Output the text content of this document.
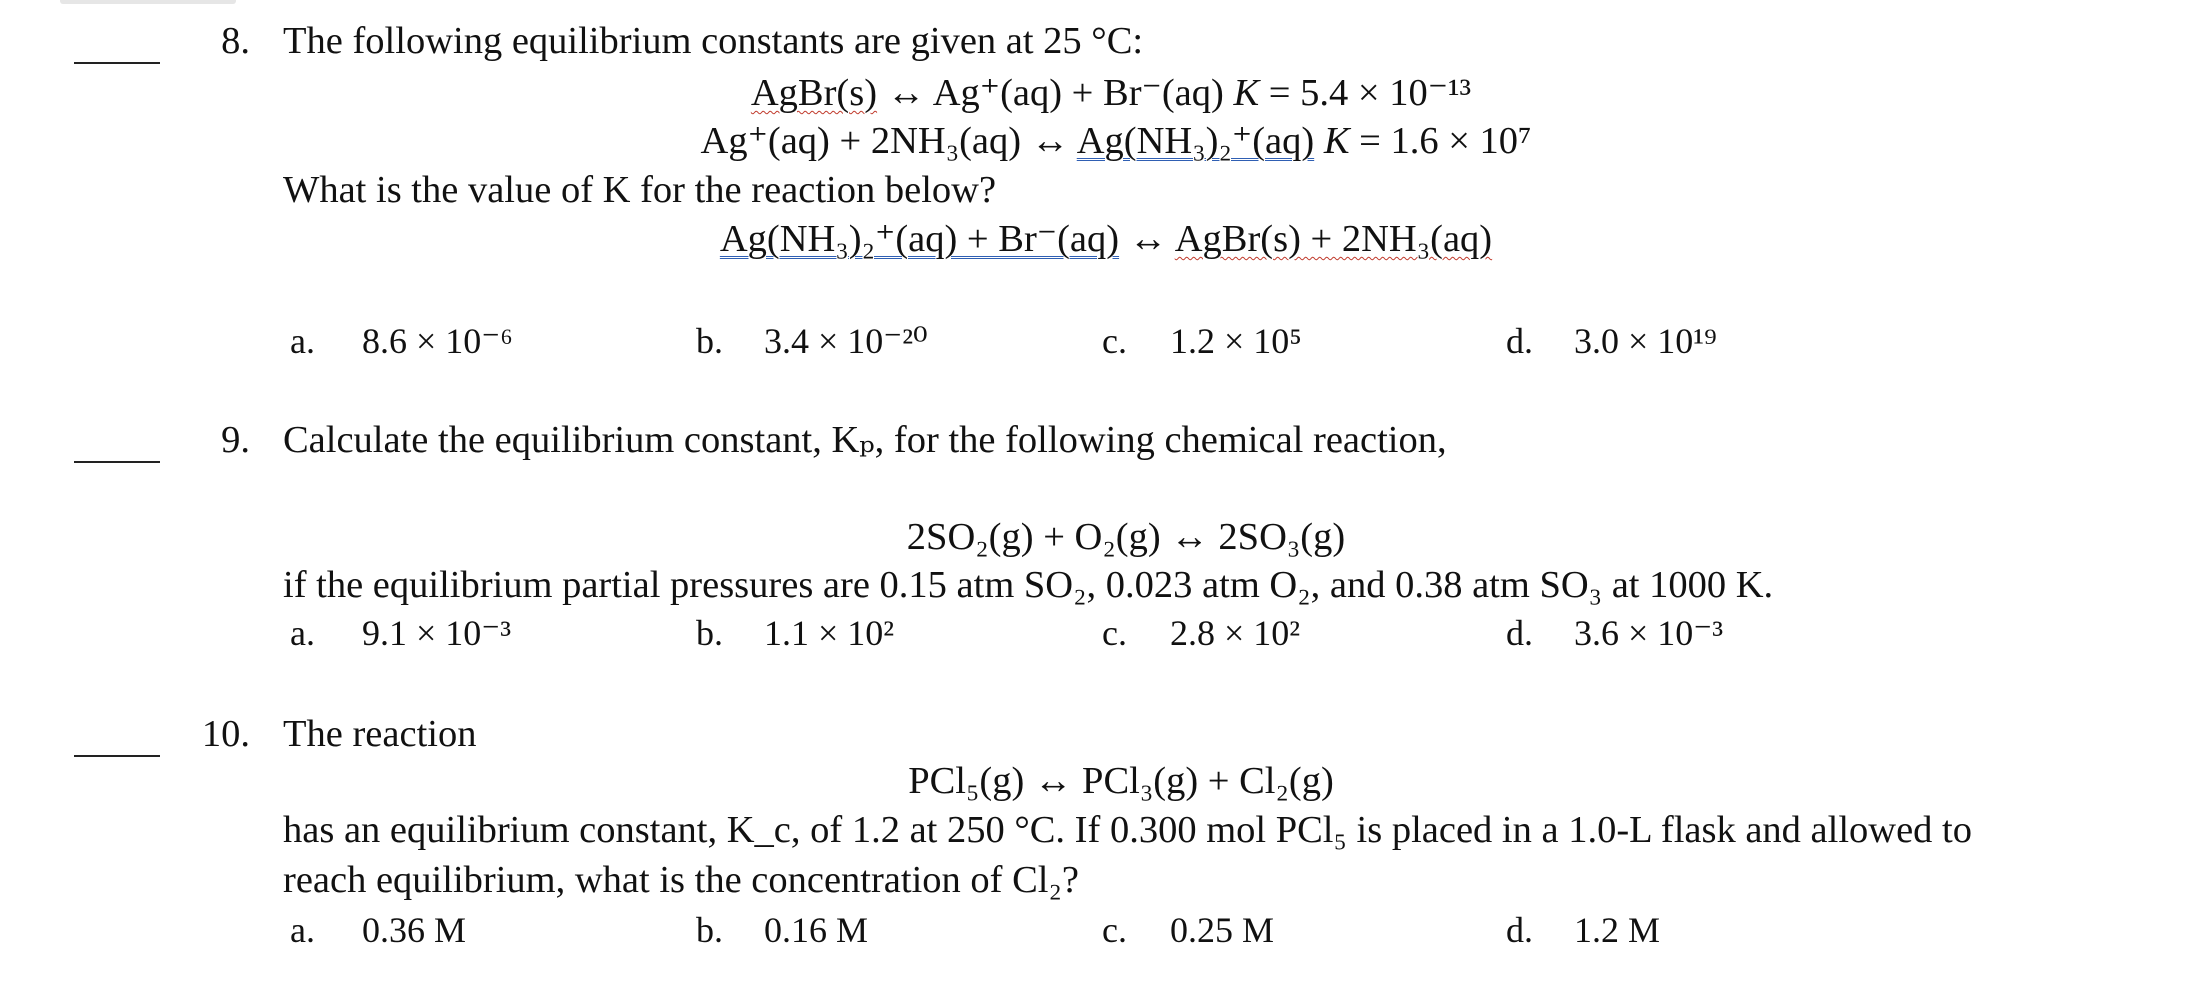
8. The following equilibrium constants are given at 25 °C:
AgBr(s) ↔ Ag⁺(aq) + Br⁻(aq) K = 5.4 × 10⁻¹³
Ag⁺(aq) + 2NH₃(aq) ↔ Ag(NH₃)₂⁺(aq) K = 1.6 × 10⁷
What is the value of K for the reaction below?
Ag(NH₃)₂⁺(aq) + Br⁻(aq) ↔ AgBr(s) + 2NH₃(aq)
a. 8.6 × 10⁻⁶	b. 3.4 × 10⁻²⁰	c. 1.2 × 10⁵	d. 3.0 × 10¹⁹
9. Calculate the equilibrium constant, Kₚ, for the following chemical reaction,
2SO₂(g) + O₂(g) ↔ 2SO₃(g)
if the equilibrium partial pressures are 0.15 atm SO₂, 0.023 atm O₂, and 0.38 atm SO₃ at 1000 K.
a. 9.1 × 10⁻³	b. 1.1 × 10²	c. 2.8 × 10²	d. 3.6 × 10⁻³
10. The reaction
PCl₅(g) ↔ PCl₃(g) + Cl₂(g)
has an equilibrium constant, K_c, of 1.2 at 250 °C. If 0.300 mol PCl₅ is placed in a 1.0-L flask and allowed to
reach equilibrium, what is the concentration of Cl₂?
a. 0.36 M	b. 0.16 M	c. 0.25 M	d. 1.2 M
